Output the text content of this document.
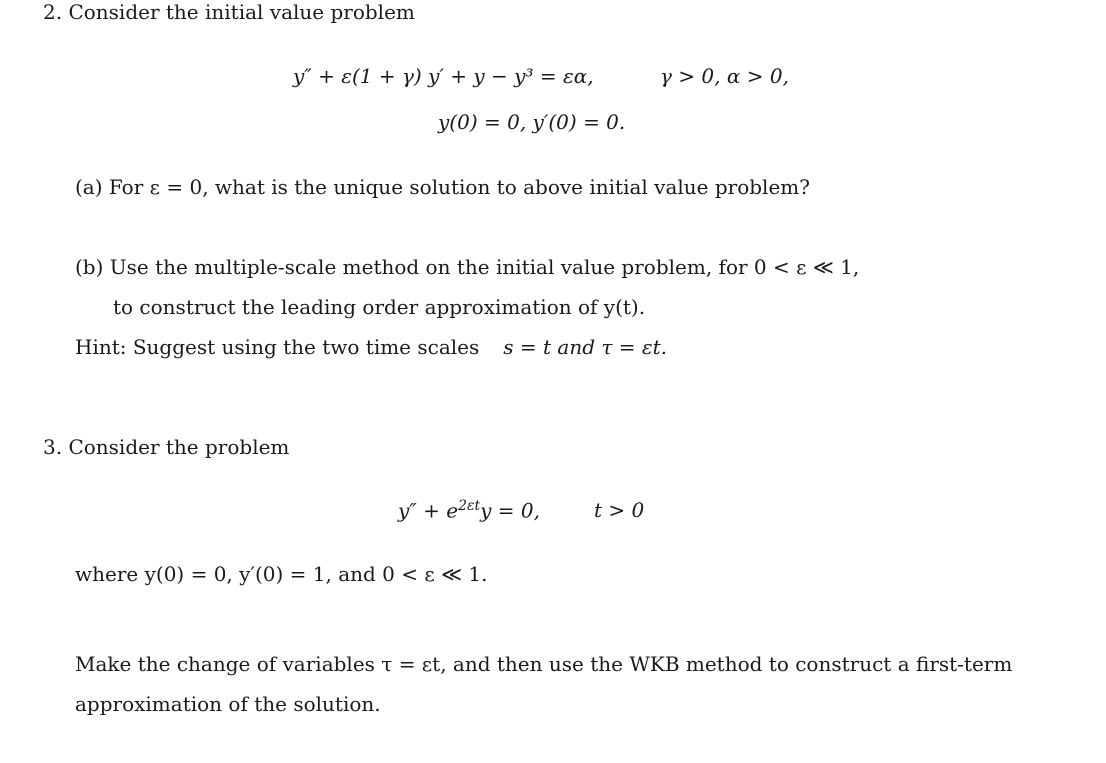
2. Consider the initial value problem
y″ + ε(1 + γ) y′ + y − y³ = εα,	γ > 0, α > 0,
y(0) = 0, y′(0) = 0.
(a) For ε = 0, what is the unique solution to above initial value problem?
(b) Use the multiple-scale method on the initial value problem, for 0 < ε ≪ 1,
to construct the leading order approximation of y(t).
Hint: Suggest using the two time scales s = t and τ = εt.
3. Consider the problem
$y'' + e^{2\varepsilon t}y = 0$,	t > 0
where y(0) = 0, y′(0) = 1, and 0 < ε ≪ 1.
Make the change of variables τ = εt, and then use the WKB method to construct a first-term
approximation of the solution.
